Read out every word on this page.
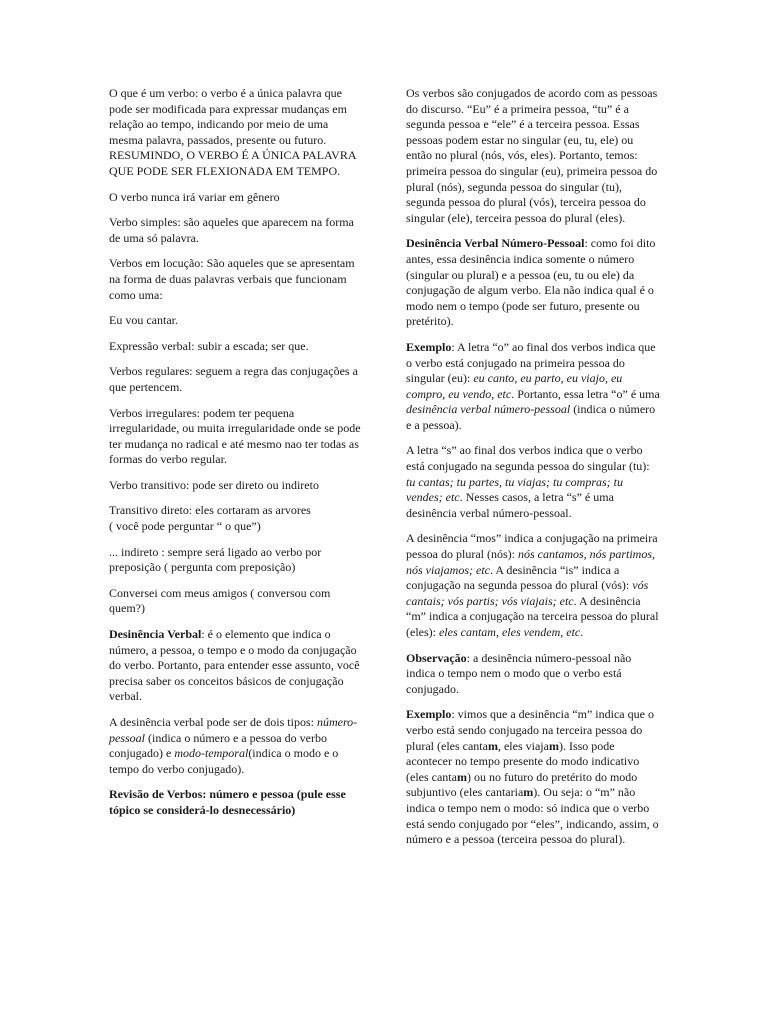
O que é um verbo: o verbo é a única palavra que pode ser modificada para expressar mudanças em relação ao tempo, indicando por meio de uma mesma palavra, passados, presente ou futuro. RESUMINDO, O VERBO É A ÚNICA PALAVRA QUE PODE SER FLEXIONADA EM TEMPO.

O verbo nunca irá variar em gênero

Verbo simples: são aqueles que aparecem na forma de uma só palavra.

Verbos em locução: São aqueles que se apresentam na forma de duas palavras verbais que funcionam como uma:

Eu vou cantar.

Expressão verbal: subir a escada; ser que.

Verbos regulares: seguem a regra das conjugações a que pertencem.

Verbos irregulares: podem ter pequena irregularidade, ou muita irregularidade onde se pode ter mudança no radical e até mesmo nao ter todas as formas do verbo regular.

Verbo transitivo: pode ser direto ou indireto

Transitivo direto: eles cortaram as arvores
( você pode perguntar “ o que”)

... indireto : sempre será ligado ao verbo por preposição ( pergunta com preposição)

Conversei com meus amigos ( conversou com quem?)

Desinência Verbal: é o elemento que indica o número, a pessoa, o tempo e o modo da conjugação do verbo. Portanto, para entender esse assunto, você precisa saber os conceitos básicos de conjugação verbal.

A desinência verbal pode ser de dois tipos: número-pessoal (indica o número e a pessoa do verbo conjugado) e modo-temporal(indica o modo e o tempo do verbo conjugado).

Revisão de Verbos: número e pessoa (pule esse tópico se considerá-lo desnecessário)

Os verbos são conjugados de acordo com as pessoas do discurso. “Eu” é a primeira pessoa, “tu” é a segunda pessoa e “ele” é a terceira pessoa. Essas pessoas podem estar no singular (eu, tu, ele) ou então no plural (nós, vós, eles). Portanto, temos: primeira pessoa do singular (eu), primeira pessoa do plural (nós), segunda pessoa do singular (tu), segunda pessoa do plural (vós), terceira pessoa do singular (ele), terceira pessoa do plural (eles).

Desinência Verbal Número-Pessoal: como foi dito antes, essa desinência indica somente o número (singular ou plural) e a pessoa (eu, tu ou ele) da conjugação de algum verbo. Ela não indica qual é o modo nem o tempo (pode ser futuro, presente ou pretérito).

Exemplo: A letra “o” ao final dos verbos indica que o verbo está conjugado na primeira pessoa do singular (eu): eu canto, eu parto, eu viajo, eu compro, eu vendo, etc. Portanto, essa letra “o” é uma desinência verbal número-pessoal (indica o número e a pessoa).

A letra “s” ao final dos verbos indica que o verbo está conjugado na segunda pessoa do singular (tu): tu cantas; tu partes, tu viajas; tu compras; tu vendes; etc. Nesses casos, a letra “s” é uma desinência verbal número-pessoal.

A desinência “mos” indica a conjugação na primeira pessoa do plural (nós): nós cantamos, nós partimos, nós viajamos; etc. A desinência “is” indica a conjugação na segunda pessoa do plural (vós): vós cantais; vós partis; vós viajais; etc. A desinência “m” indica a conjugação na terceira pessoa do plural (eles): eles cantam, eles vendem, etc.

Observação: a desinência número-pessoal não indica o tempo nem o modo que o verbo está conjugado.

Exemplo: vimos que a desinência “m” indica que o verbo está sendo conjugado na terceira pessoa do plural (eles cantam, eles viajam). Isso pode acontecer no tempo presente do modo indicativo (eles cantam) ou no futuro do pretérito do modo subjuntivo (eles cantariam). Ou seja: o “m” não indica o tempo nem o modo: só indica que o verbo está sendo conjugado por “eles”, indicando, assim, o número e a pessoa (terceira pessoa do plural).
